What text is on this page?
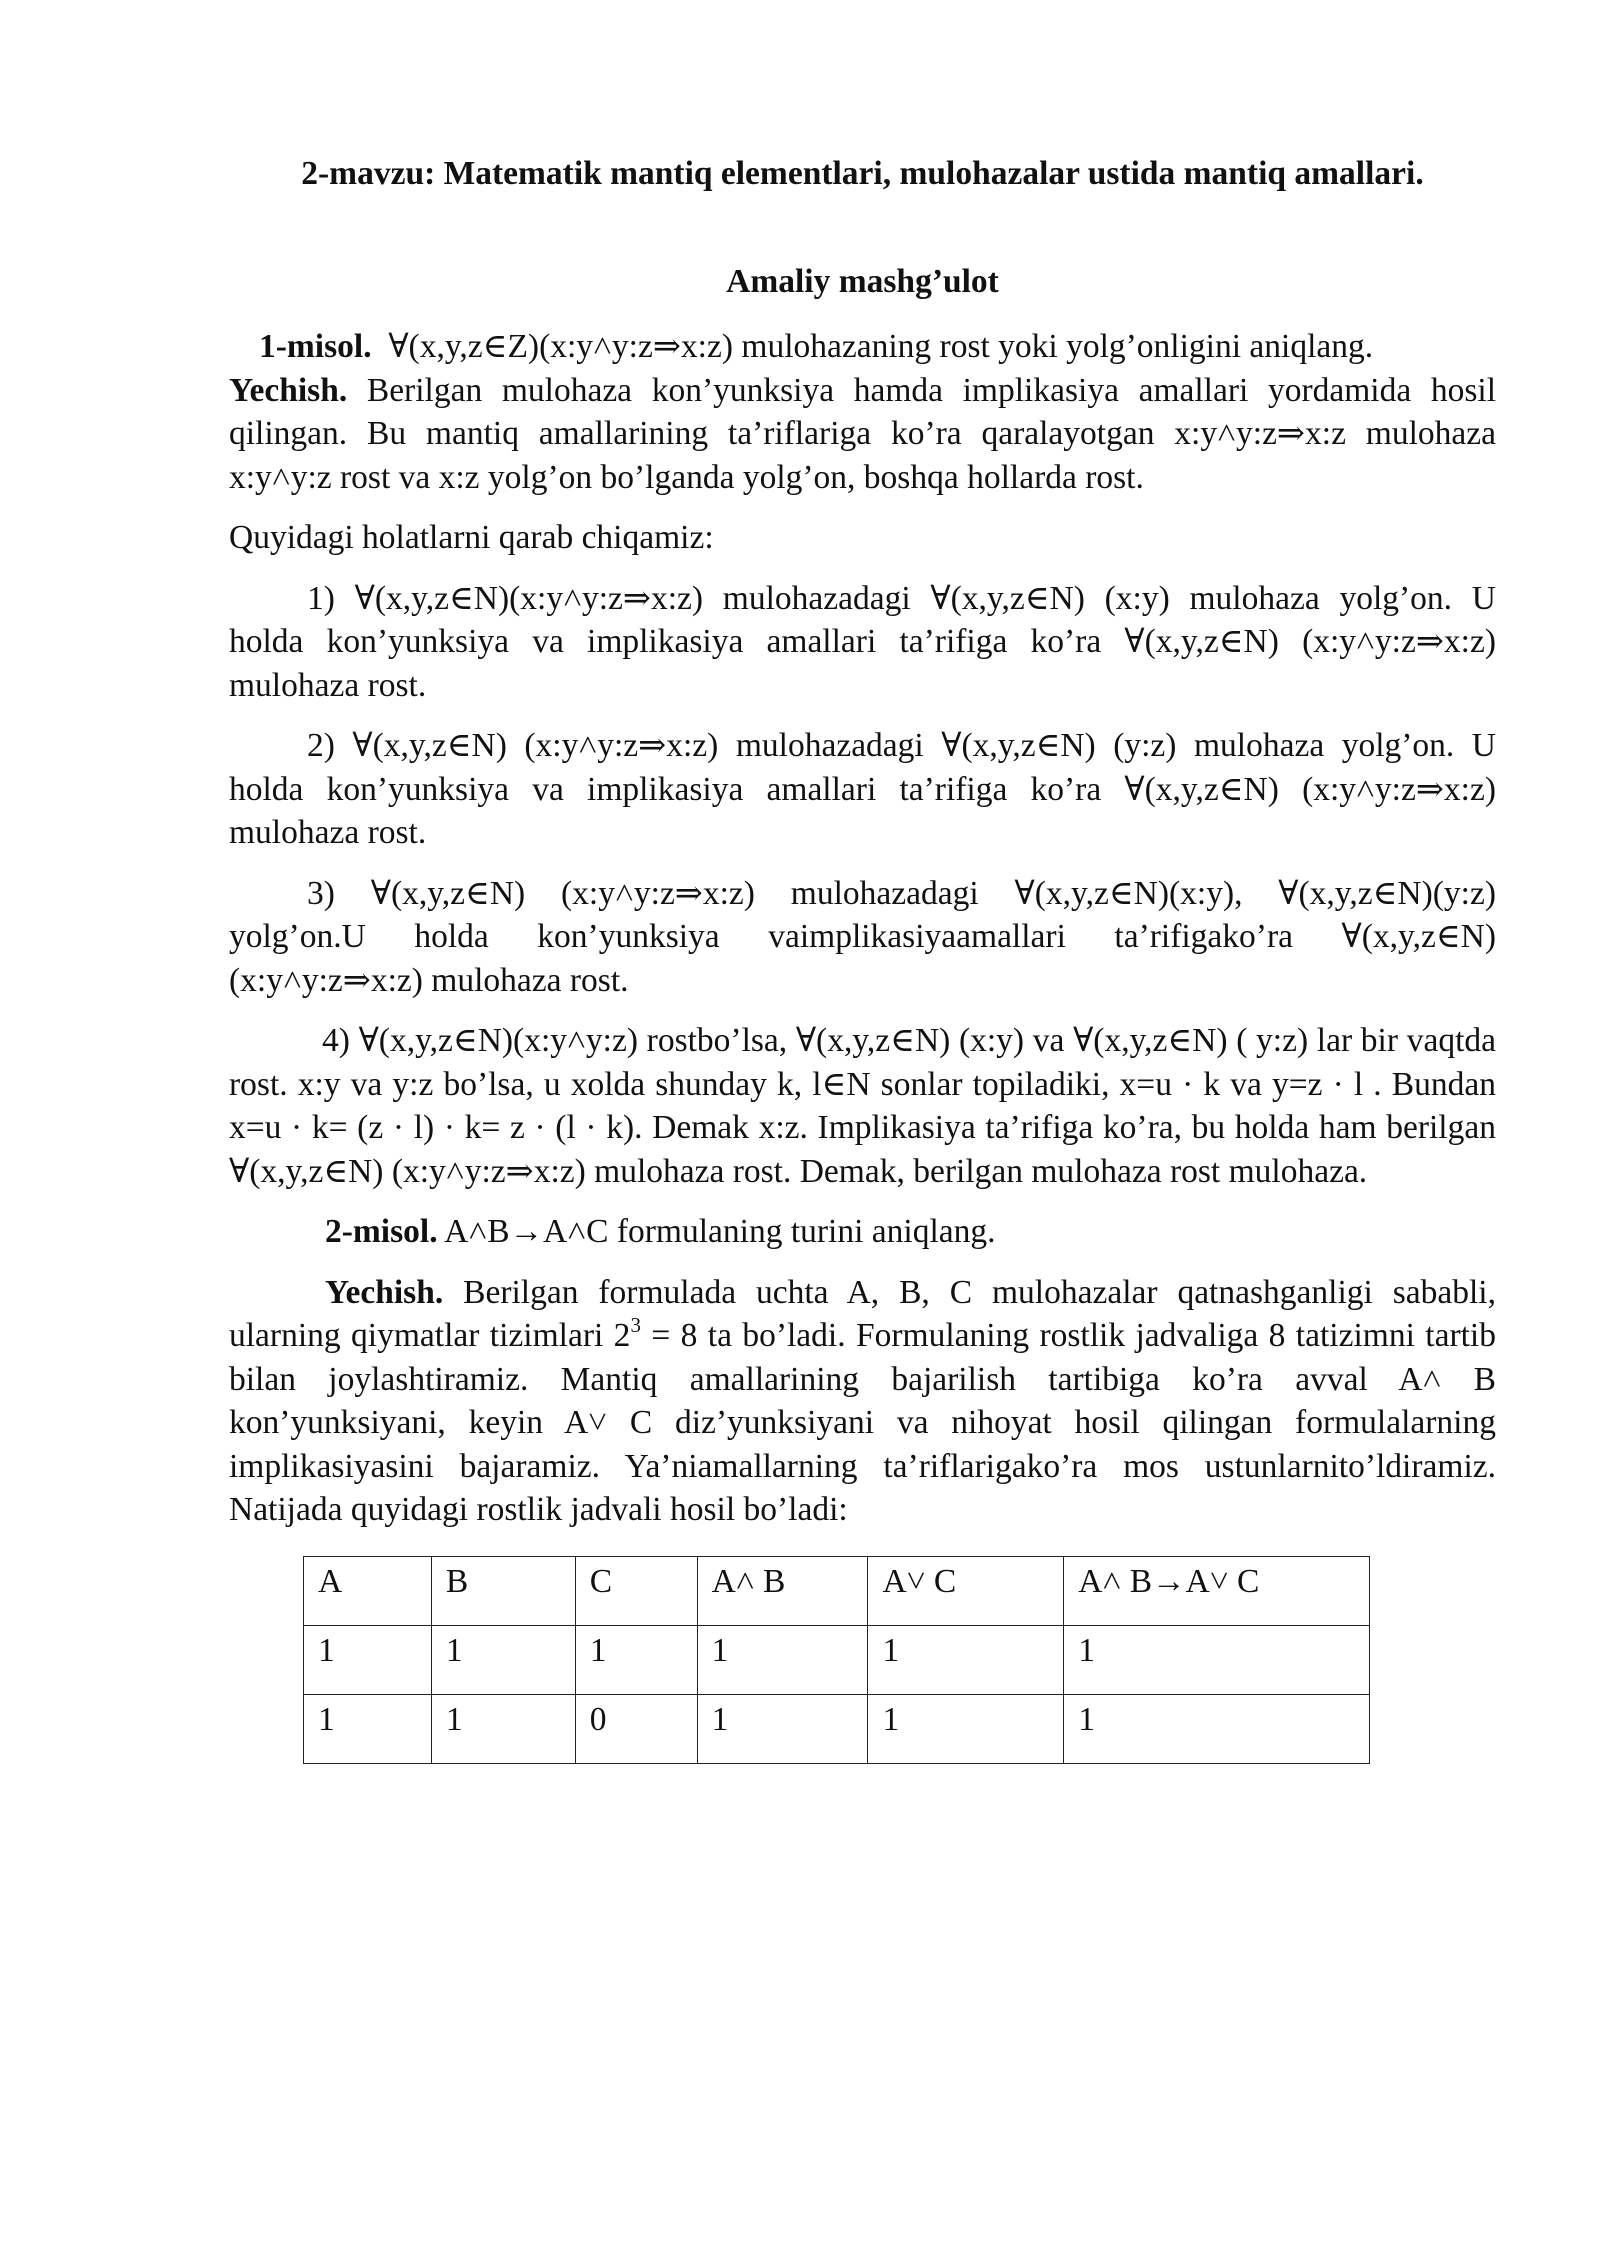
2-mavzu: Matematik mantiq elementlari, mulohazalar ustida mantiq amallari.
Amaliy mashg’ulot

1-misol. ∀(x,y,z∈Z)(x:y˄y:z⇒x:z) mulohazaning rost yoki yolg’onligini aniqlang.

Yechish. Berilgan mulohaza kon’yunksiya hamda implikasiya amallari yordamida hosil qilingan. Bu mantiq amallarining ta’riflariga ko’ra qaralayotgan x:y˄y:z⇒x:z mulohaza x:y˄y:z rost va x:z yolg’on bo’lganda yolg’on, boshqa hollarda rost.

Quyidagi holatlarni qarab chiqamiz:

1) ∀(x,y,z∈N)(x:y˄y:z⇒x:z) mulohazadagi ∀(x,y,z∈N) (x:y) mulohaza yolg’on. U holda kon’yunksiya va implikasiya amallari ta’rifiga ko’ra ∀(x,y,z∈N) (x:y˄y:z⇒x:z) mulohaza rost.

2) ∀(x,y,z∈N) (x:y˄y:z⇒x:z) mulohazadagi ∀(x,y,z∈N) (y:z) mulohaza yolg’on. U holda kon’yunksiya va implikasiya amallari ta’rifiga ko’ra ∀(x,y,z∈N) (x:y˄y:z⇒x:z) mulohaza rost.

3) ∀(x,y,z∈N) (x:y˄y:z⇒x:z) mulohazadagi ∀(x,y,z∈N)(x:y), ∀(x,y,z∈N)(y:z) yolg’on.U holda kon’yunksiya vaimplikasiyaamallari ta’rifigako’ra ∀(x,y,z∈N) (x:y˄y:z⇒x:z) mulohaza rost.

4) ∀(x,y,z∈N)(x:y˄y:z) rostbo’lsa, ∀(x,y,z∈N) (x:y) va ∀(x,y,z∈N) ( y:z) lar bir vaqtda rost. x:y va y:z bo’lsa, u xolda shunday k, l∈N sonlar topiladiki, x=u · k va y=z · l . Bundan x=u · k= (z · l) · k= z · (l · k). Demak x:z. Implikasiya ta’rifiga ko’ra, bu holda ham berilgan ∀(x,y,z∈N) (x:y˄y:z⇒x:z) mulohaza rost. Demak, berilgan mulohaza rost mulohaza.

2-misol. A˄B→A˄C formulaning turini aniqlang.

Yechish. Berilgan formulada uchta A, B, C mulohazalar qatnashganligi sababli, ularning qiymatlar tizimlari $2^3 = 8$ ta bo’ladi. Formulaning rostlik jadvaliga 8 tatizimni tartib bilan joylashtiramiz. Mantiq amallarining bajarilish tartibiga ko’ra avval A˄ B kon’yunksiyani, keyin A˅ C diz’yunksiyani va nihoyat hosil qilingan formulalarning implikasiyasini bajaramiz. Ya’niamallarning ta’riflarigako’ra mos ustunlarnito’ldiramiz. Natijada quyidagi rostlik jadvali hosil bo’ladi:

A	B	C	A˄ B	A˅ C	A˄ B→A˅ C
1	1	1	1	1	1
1	1	0	1	1	1
